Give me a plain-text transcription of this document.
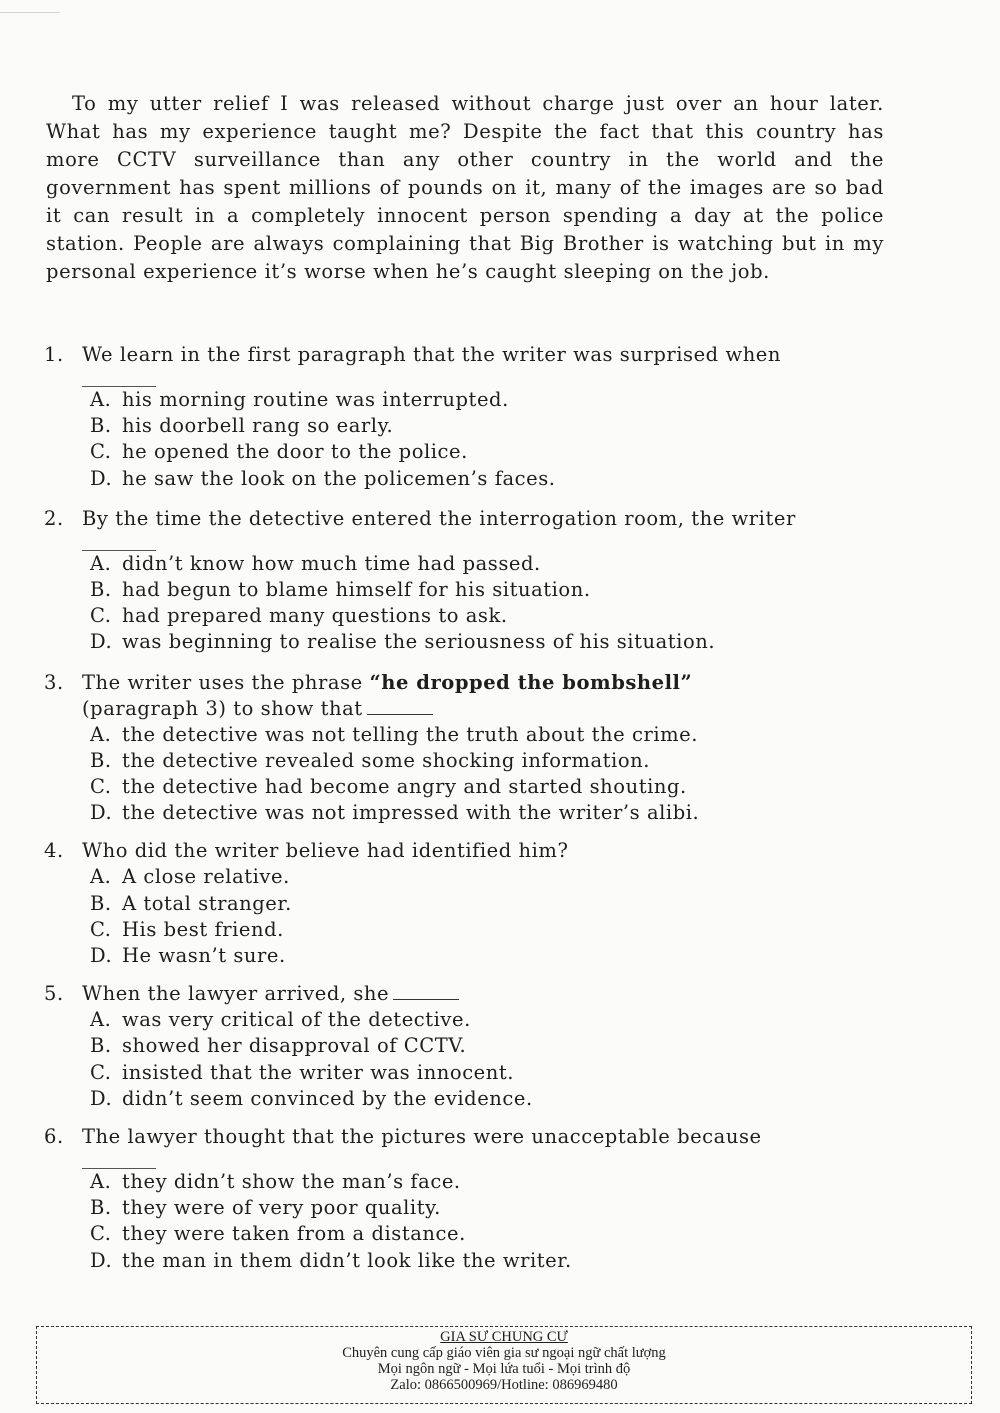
To my utter relief I was released without charge just over an hour later. What has my experience taught me? Despite the fact that this country has more CCTV surveillance than any other country in the world and the government has spent millions of pounds on it, many of the images are so bad it can result in a completely innocent person spending a day at the police station. People are always complaining that Big Brother is watching but in my personal experience it’s worse when he’s caught sleeping on the job.

1. We learn in the first paragraph that the writer was surprised when
A. his morning routine was interrupted.
B. his doorbell rang so early.
C. he opened the door to the police.
D. he saw the look on the policemen’s faces.
2. By the time the detective entered the interrogation room, the writer
A. didn’t know how much time had passed.
B. had begun to blame himself for his situation.
C. had prepared many questions to ask.
D. was beginning to realise the seriousness of his situation.
3. The writer uses the phrase “he dropped the bombshell”
(paragraph 3) to show that
A. the detective was not telling the truth about the crime.
B. the detective revealed some shocking information.
C. the detective had become angry and started shouting.
D. the detective was not impressed with the writer’s alibi.
4. Who did the writer believe had identified him?
A. A close relative.
B. A total stranger.
C. His best friend.
D. He wasn’t sure.
5. When the lawyer arrived, she
A. was very critical of the detective.
B. showed her disapproval of CCTV.
C. insisted that the writer was innocent.
D. didn’t seem convinced by the evidence.
6. The lawyer thought that the pictures were unacceptable because
A. they didn’t show the man’s face.
B. they were of very poor quality.
C. they were taken from a distance.
D. the man in them didn’t look like the writer.
GIA SƯ CHUNG CƯ
Chuyên cung cấp giáo viên gia sư ngoại ngữ chất lượng
Mọi ngôn ngữ - Mọi lứa tuổi - Mọi trình độ
Zalo: 0866500969/Hotline: 086969480
